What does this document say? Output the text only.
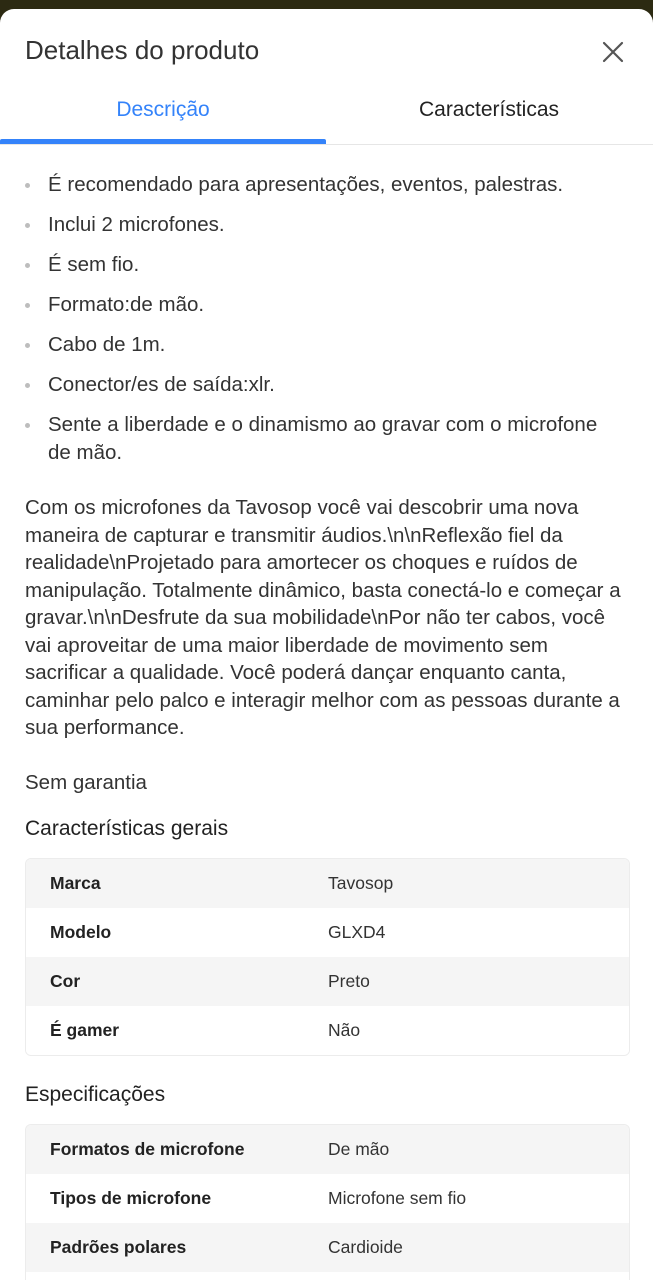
Detalhes do produto
Descrição	Características
É recomendado para apresentações, eventos, palestras.
Inclui 2 microfones.
É sem fio.
Formato:de mão.
Cabo de 1m.
Conector/es de saída:xlr.
Sente a liberdade e o dinamismo ao gravar com o microfone de mão.

Com os microfones da Tavosop você vai descobrir uma nova maneira de capturar e transmitir áudios.\n\nReflexão fiel da realidade\nProjetado para amortecer os choques e ruídos de manipulação. Totalmente dinâmico, basta conectá-lo e começar a gravar.\n\nDesfrute da sua mobilidade\nPor não ter cabos, você vai aproveitar de uma maior liberdade de movimento sem sacrificar a qualidade. Você poderá dançar enquanto canta, caminhar pelo palco e interagir melhor com as pessoas durante a sua performance.

Sem garantia
Características gerais
Marca	Tavosop
Modelo	GLXD4
Cor	Preto
É gamer	Não
Especificações
Formatos de microfone	De mão
Tipos de microfone	Microfone sem fio
Padrões polares	Cardioide
